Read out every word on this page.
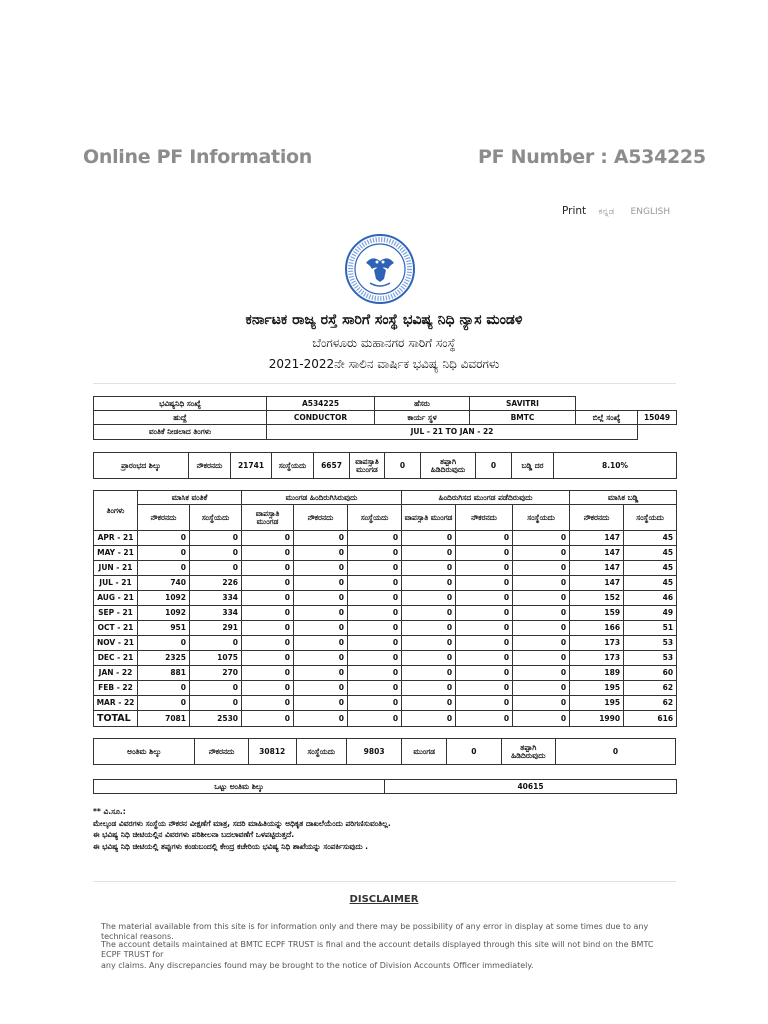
Online PF Information	PF Number : A534225
Print ಕನ್ನಡ ENGLISH
ಕರ್ನಾಟಕ ರಾಜ್ಯ ರಸ್ತೆ ಸಾರಿಗೆ ಸಂಸ್ಥೆ ಭವಿಷ್ಯ ನಿಧಿ ನ್ಯಾಸ ಮಂಡಳಿ
ಬೆಂಗಳೂರು ಮಹಾನಗರ ಸಾರಿಗೆ ಸಂಸ್ಥೆ
2021-2022ನೇ ಸಾಲಿನ ವಾರ್ಷಿಕ ಭವಿಷ್ಯ ನಿಧಿ ವಿವರಗಳು
ಭವಿಷ್ಯನಿಧಿ ಸಂಖ್ಯೆ	A534225	ಹೆಸರು	SAVITRI		
ಹುದ್ದೆ	CONDUCTOR	ಕಾರ್ಯ ಸ್ಥಳ	BMTC	ಬಿಲ್ಲೆ ಸಂಖ್ಯೆ	15049
ವಂತಿಕೆ ನೀಡಲಾದ ತಿಂಗಳು	JUL - 21 TO JAN - 22				
ಪ್ರಾರಂಭದ ಶಿಲ್ಕು	ನೌಕರನದು	21741	ಸಂಸ್ಥೆಯದು	6657	ವಾಪಸ್ಸಾತಿ ಮುಂಗಡ	0	ತಪ್ಪಾಗಿ ಹಿಡಿದಿರುವುದು	0	ಬಡ್ಡಿ ದರ	8.10%
ತಿಂಗಳು	ಮಾಸಿಕ ವಂತಿಕೆ		ಮುಂಗಡ ಹಿಂದಿರುಗಿಸಿರುವುದು			ಹಿಂದಿರುಗಿಸದ ಮುಂಗಡ ಪಡೆದಿರುವುದು			ಮಾಸಿಕ ಬಡ್ಡಿ	
	ನೌಕರನದು	ಸಂಸ್ಥೆಯದು	ವಾಪಸ್ಸಾತಿ ಮುಂಗಡ	ನೌಕರನದು	ಸಂಸ್ಥೆಯದು	ವಾಪಸ್ಸಾತಿ ಮುಂಗಡ	ನೌಕರನದು	ಸಂಸ್ಥೆಯದು	ನೌಕರನದು	ಸಂಸ್ಥೆಯದು
APR - 21	0	0	0	0	0	0	0	0	147	45
MAY - 21	0	0	0	0	0	0	0	0	147	45
JUN - 21	0	0	0	0	0	0	0	0	147	45
JUL - 21	740	226	0	0	0	0	0	0	147	45
AUG - 21	1092	334	0	0	0	0	0	0	152	46
SEP - 21	1092	334	0	0	0	0	0	0	159	49
OCT - 21	951	291	0	0	0	0	0	0	166	51
NOV - 21	0	0	0	0	0	0	0	0	173	53
DEC - 21	2325	1075	0	0	0	0	0	0	173	53
JAN - 22	881	270	0	0	0	0	0	0	189	60
FEB - 22	0	0	0	0	0	0	0	0	195	62
MAR - 22	0	0	0	0	0	0	0	0	195	62
TOTAL	7081	2530	0	0	0	0	0	0	1990	616
ಅಂತಿಮ ಶಿಲ್ಕು	ನೌಕರನದು	30812	ಸಂಸ್ಥೆಯದು	9803	ಮುಂಗಡ	0	ತಪ್ಪಾಗಿ ಹಿಡಿದಿರುವುದು	0
ಒಟ್ಟು ಅಂತಿಮ ಶಿಲ್ಕು	40615
** ವಿ.ಸೂ.:
ಮೇಲ್ಕಂಡ ವಿವರಗಳು ಸಂಸ್ಥೆಯ ನೌಕರನ ವೀಕ್ಷಣೆಗೆ ಮಾತ್ರ, ಸದರಿ ಮಾಹಿತಿಯನ್ನು ಅಧಿಕೃತ ದಾಖಲೆಯೆಂದು ಪರಿಗಣಿಸುವಂತಿಲ್ಲ.
ಈ ಭವಿಷ್ಯ ನಿಧಿ ಚೀಟಿಯಲ್ಲಿನ ವಿವರಗಳು ಪರಿಶೀಲನಾ ಬದಲಾವಣೆಗೆ ಒಳಪಟ್ಟಿರುತ್ತದೆ.
ಈ ಭವಿಷ್ಯ ನಿಧಿ ಚೀಟಿಯಲ್ಲಿ ತಪ್ಪುಗಳು ಕಂಡುಬಂದಲ್ಲಿ ಕೇಂದ್ರ ಕಚೇರಿಯ ಭವಿಷ್ಯ ನಿಧಿ ಶಾಖೆಯನ್ನು ಸಂಪರ್ಕಿಸುವುದು .
DISCLAIMER
The material available from this site is for information only and there may be possibility of any error in display at some times due to any technical reasons.
The account details maintained at BMTC ECPF TRUST is final and the account details displayed through this site will not bind on the BMTC ECPF TRUST for
any claims. Any discrepancies found may be brought to the notice of Division Accounts Officer immediately.
